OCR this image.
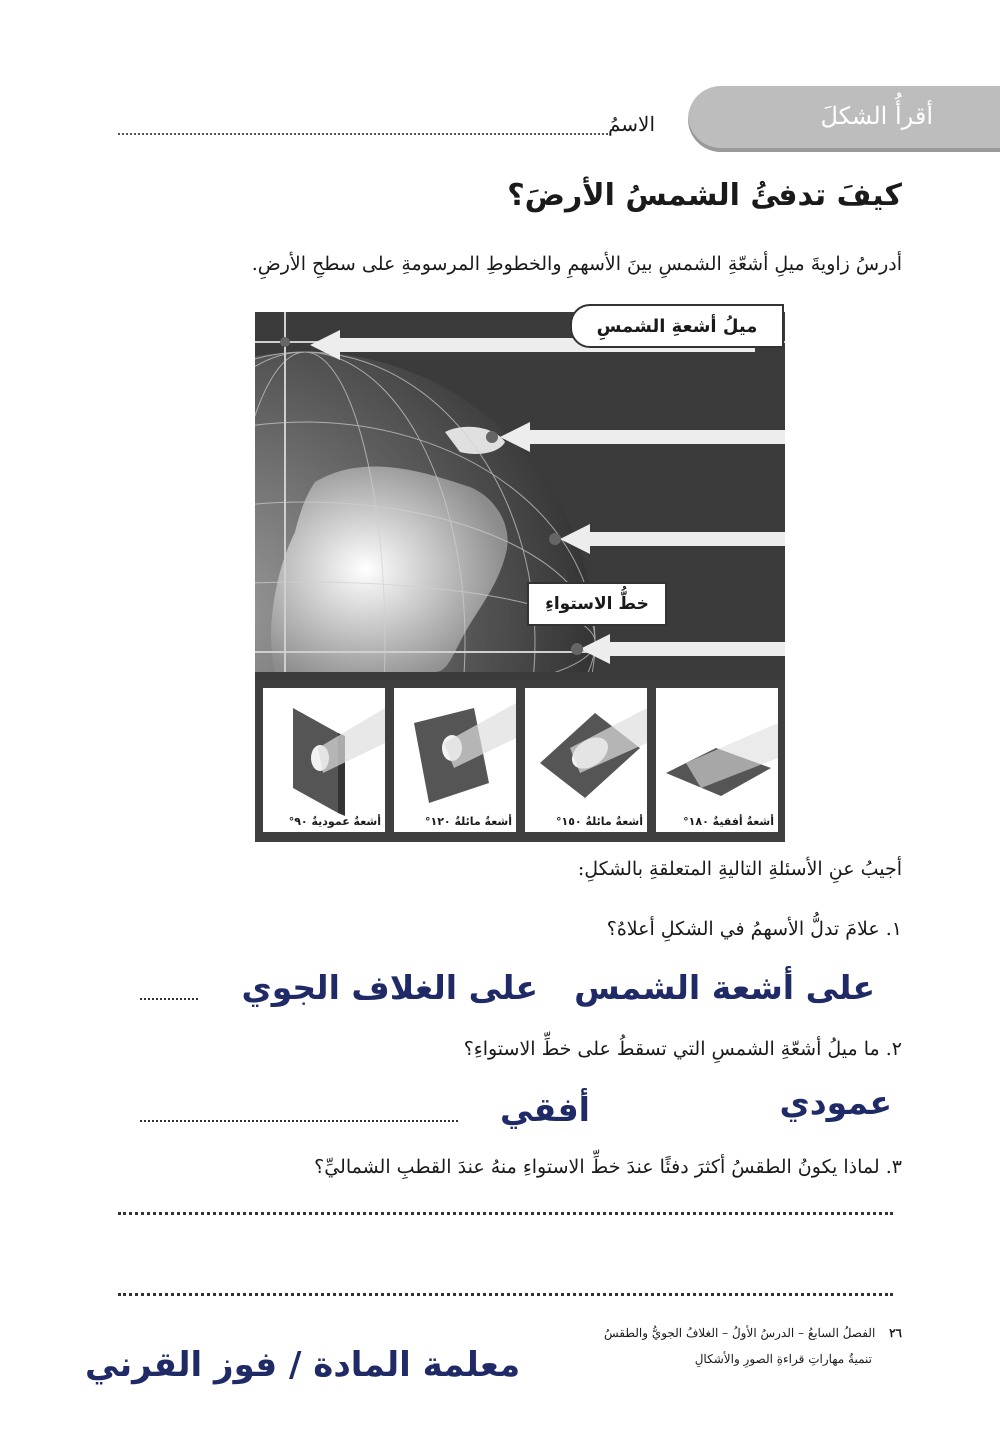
أقرأُ الشكلَ
الاسمُ
كيفَ تدفئُ الشمسُ الأرضَ؟
أدرسُ زاويةَ ميلِ أشعّةِ الشمسِ بينَ الأسهمِ والخطوطِ المرسومةِ على سطحِ الأرضِ.
ميلُ أشعةِ الشمسِ
خطُّ الاستواءِ
أشعةٌ عموديةٌ ٩٠°	أشعةٌ مائلةٌ ١٢٠°	أشعةٌ مائلةٌ ١٥٠°	أشعةٌ أفقيةٌ ١٨٠°
أجيبُ عنِ الأسئلةِ التاليةِ المتعلقةِ بالشكلِ:
١. علامَ تدلُّ الأسهمُ في الشكلِ أعلاهُ؟
على أشعة الشمس
على الغلاف الجوي
٢. ما ميلُ أشعّةِ الشمسِ التي تسقطُ على خطِّ الاستواءِ؟
عمودي
أفقي
٣. لماذا يكونُ الطقسُ أكثرَ دفئًا عندَ خطِّ الاستواءِ منهُ عندَ القطبِ الشماليِّ؟
٢٦ الفصلُ السابعُ – الدرسُ الأولُ – الغلافُ الجويُّ والطقسُ
تنميةُ مهاراتِ قراءةِ الصورِ والأشكالِ
معلمة المادة / فوز القرني
